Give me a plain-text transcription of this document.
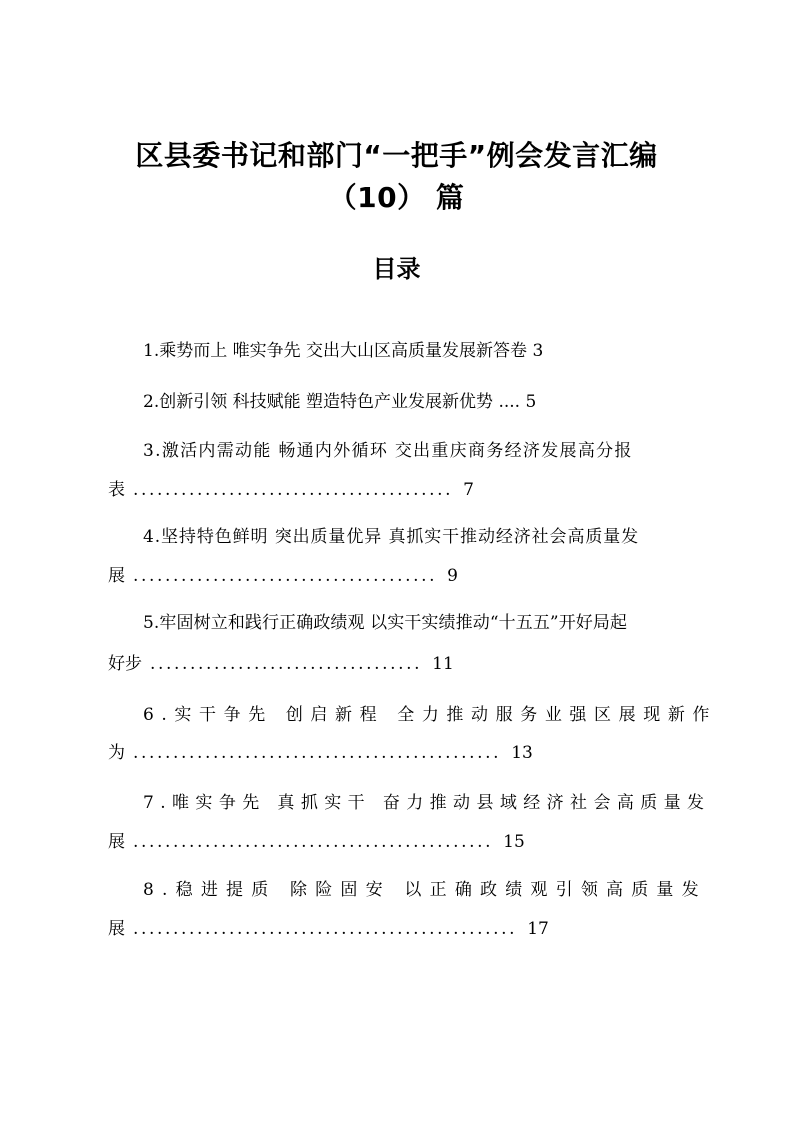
区县委书记和部门“一把手”例会发言汇编
（10） 篇
目录
1. 乘势而上 唯实争先 交出大山区高质量发展新答卷 3
2. 创新引领 科技赋能 塑造特色产业发展新优势 .... 5
3. 激活内需动能 畅通内外循环 交出重庆商务经济发展高分报
表 ........................................ 7
4. 坚持特色鲜明 突出质量优异 真抓实干推动经济社会高质量发
展 ...................................... 9
5. 牢固树立和践行正确政绩观 以实干实绩推动“十五五”开好局起
好步 .................................. 11
6. 实干争先 创启新程 全力推动服务业强区展现新作
为 .............................................. 13
7. 唯实争先 真抓实干 奋力推动县域经济社会高质量发
展 ............................................. 15
8. 稳进提质 除险固安 以正确政绩观引领高质量发
展 ................................................ 17
